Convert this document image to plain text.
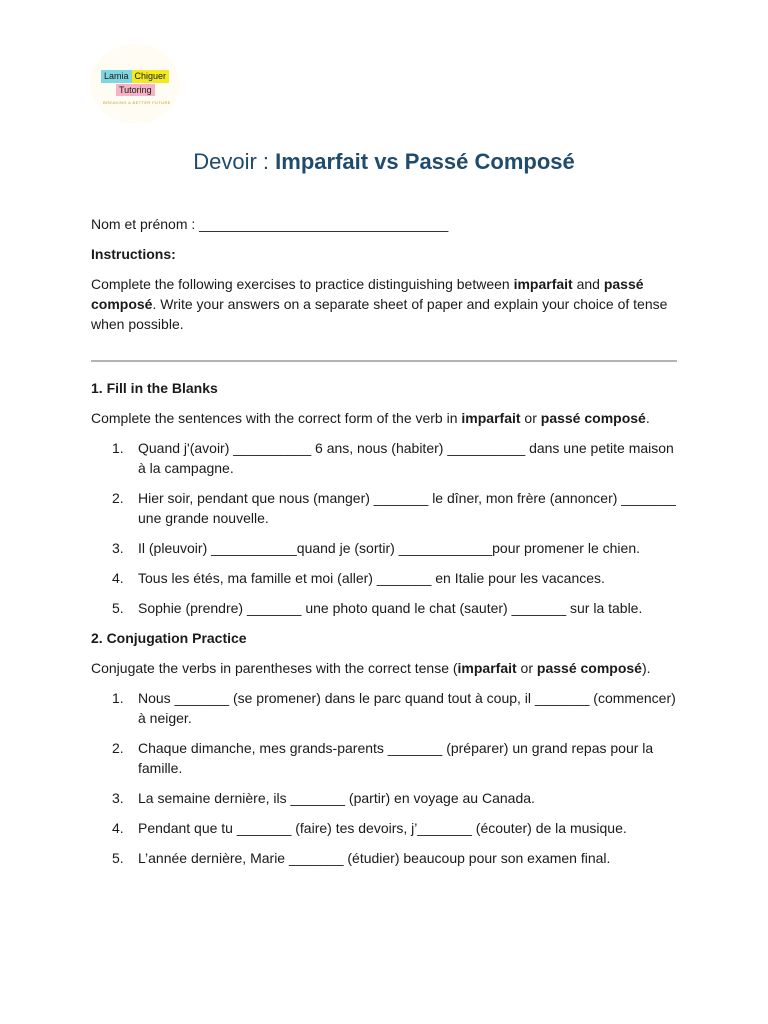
Lamia Chiguer
Tutoring
BREAKING A BETTER FUTURE
Devoir : Imparfait vs Passé Composé

Nom et prénom : ________________________________

Instructions:

Complete the following exercises to practice distinguishing between imparfait and passé composé. Write your answers on a separate sheet of paper and explain your choice of tense when possible.

1. Fill in the Blanks

Complete the sentences with the correct form of the verb in imparfait or passé composé.

1.	Quand j'(avoir) __________ 6 ans, nous (habiter) __________ dans une petite maison à la campagne.
2.	Hier soir, pendant que nous (manger) _______ le dîner, mon frère (annoncer) _______ une grande nouvelle.
3.	Il (pleuvoir) ___________quand je (sortir) ____________pour promener le chien.
4.	Tous les étés, ma famille et moi (aller) _______ en Italie pour les vacances.
5.	Sophie (prendre) _______ une photo quand le chat (sauter) _______ sur la table.

2. Conjugation Practice

Conjugate the verbs in parentheses with the correct tense (imparfait or passé composé).

1.	Nous _______ (se promener) dans le parc quand tout à coup, il _______ (commencer) à neiger.
2.	Chaque dimanche, mes grands-parents _______ (préparer) un grand repas pour la famille.
3.	La semaine dernière, ils _______ (partir) en voyage au Canada.
4.	Pendant que tu _______ (faire) tes devoirs, j’_______ (écouter) de la musique.
5.	L’année dernière, Marie _______ (étudier) beaucoup pour son examen final.
